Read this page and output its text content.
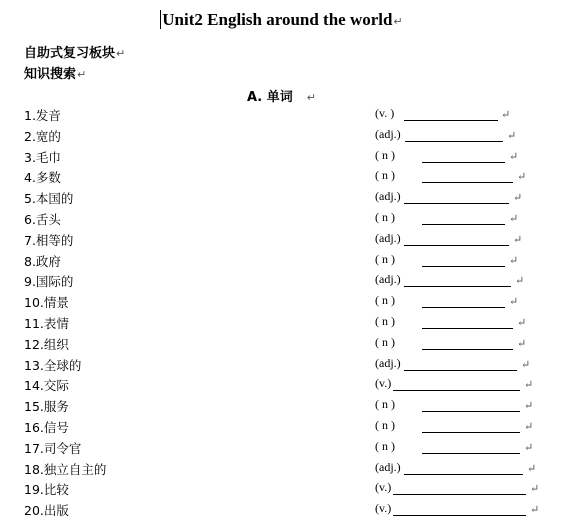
Unit2 English around the world↵
自助式复习板块↵
知识搜索↵
A. 单词 ↵
1.发音	(v. )	↵
2.宽的	(adj.)	↵
3.毛巾	( n )	↵
4.多数	( n )	↵
5.本国的	(adj.)	↵
6.舌头	( n )	↵
7.相等的	(adj.)	↵
8.政府	( n )	↵
9.国际的	(adj.)	↵
10.情景	( n )	↵
11.表情	( n )	↵
12.组织	( n )	↵
13.全球的	(adj.)	↵
14.交际	(v.)	↵
15.服务	( n )	↵
16.信号	( n )	↵
17.司令官	( n )	↵
18.独立自主的	(adj.)	↵
19.比较	(v.)	↵
20.出版	(v.)	↵
